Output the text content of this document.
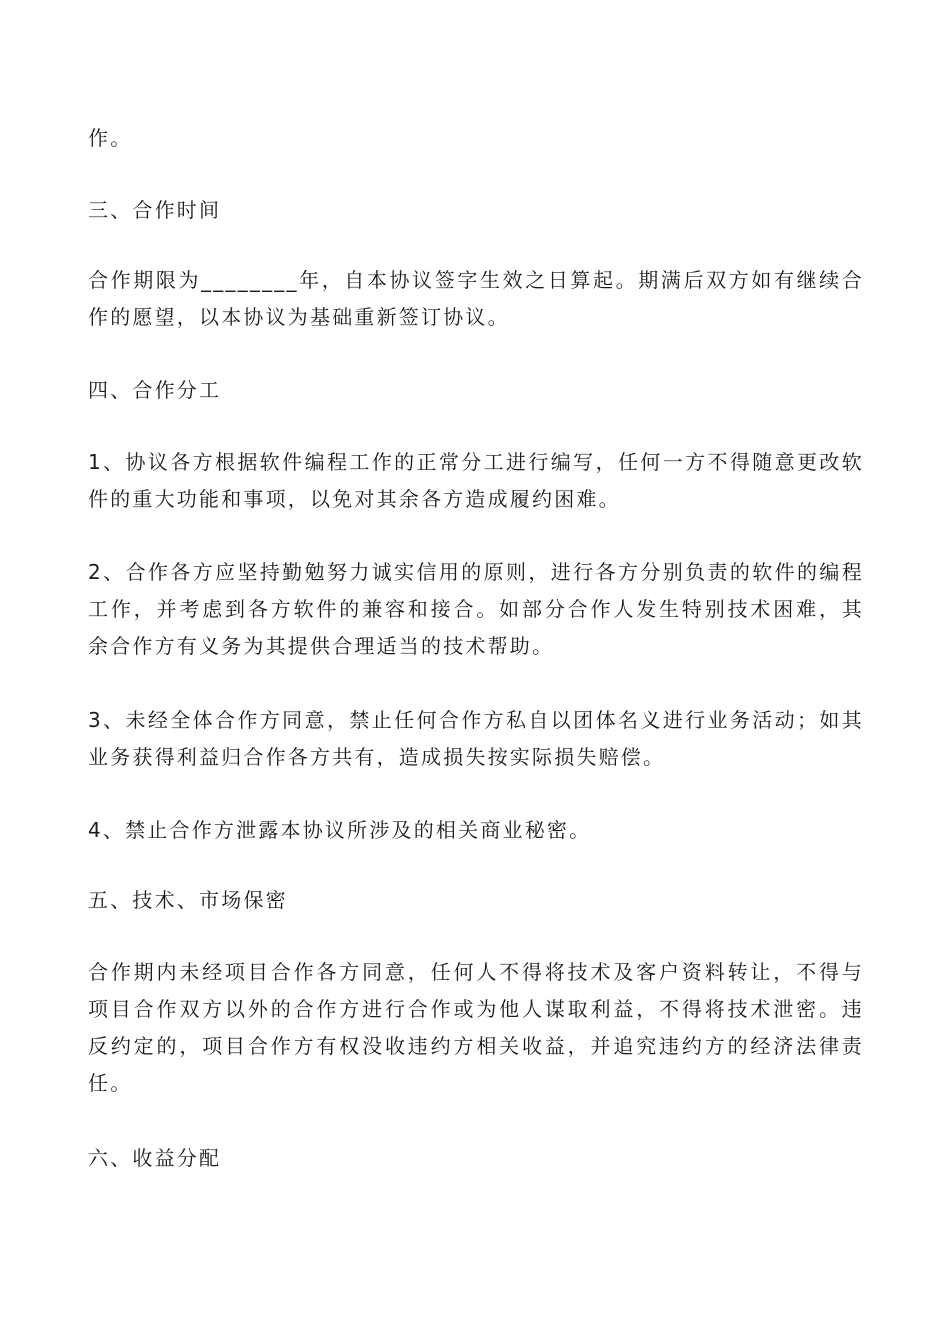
作。

三、合作时间

合作期限为________年，自本协议签字生效之日算起。期满后双方如有继续合作的愿望，以本协议为基础重新签订协议。

四、合作分工

1、协议各方根据软件编程工作的正常分工进行编写，任何一方不得随意更改软件的重大功能和事项，以免对其余各方造成履约困难。

2、合作各方应坚持勤勉努力诚实信用的原则，进行各方分别负责的软件的编程工作，并考虑到各方软件的兼容和接合。如部分合作人发生特别技术困难，其余合作方有义务为其提供合理适当的技术帮助。

3、未经全体合作方同意，禁止任何合作方私自以团体名义进行业务活动；如其业务获得利益归合作各方共有，造成损失按实际损失赔偿。

4、禁止合作方泄露本协议所涉及的相关商业秘密。

五、技术、市场保密

合作期内未经项目合作各方同意，任何人不得将技术及客户资料转让，不得与项目合作双方以外的合作方进行合作或为他人谋取利益，不得将技术泄密。违反约定的，项目合作方有权没收违约方相关收益，并追究违约方的经济法律责任。

六、收益分配
